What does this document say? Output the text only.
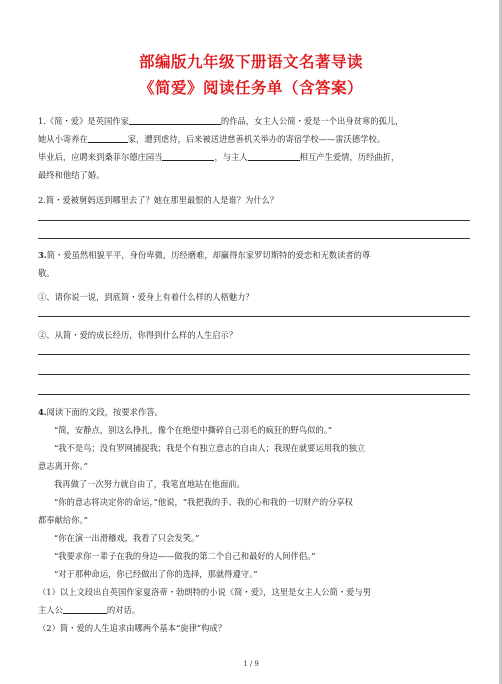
部编版九年级下册语文名著导读
《简爱》阅读任务单（含答案）
1.《简・爱》是英国作家	的作品，女主人公简・爱是一个出身贫寒的孤儿，
她从小寄养在	家，遭到虐待，后来被送进慈善机关举办的寄宿学校——雷沃德学校。
毕业后，应聘来到桑菲尔德庄园当	，与主人	相互产生爱情，历经曲折，
最终和他结了婚。
2.简・爱被舅妈送到哪里去了？她在那里最恨的人是谁？为什么？
3.简・爱虽然相貌平平，身份卑微，历经磨难，却赢得东家罗切斯特的爱恋和无数读者的尊
敬。
①、请你说一说，到底简・爱身上有着什么样的人格魅力？
②、从简・爱的成长经历，你得到什么样的人生启示？
4.阅读下面的文段，按要求作答。
“简，安静点，别这么挣扎，像个在绝望中撕碎自己羽毛的疯狂的野鸟似的。”
“我不是鸟；没有罗网捕捉我；我是个有独立意志的自由人；我现在就要运用我的独立
意志离开你。”
我再做了一次努力就自由了，我笔直地站在他面前。
“你的意志将决定你的命运，”他说，“我把我的手、我的心和我的一切财产的分享权
都奉献给你。”
“你在演一出滑稽戏，我看了只会发笑。”
“我要求你一辈子在我的身边——做我的第二个自己和最好的人间伴侣。”
“对于那种命运，你已经做出了你的选择，那就得遵守。”
（1）以上文段出自英国作家夏洛蒂・勃朗特的小说《简・爱》，这里是女主人公简・爱与男
主人公	的对话。
（2）简・爱的人生追求由哪两个基本“旋律”构成？
1 / 9
